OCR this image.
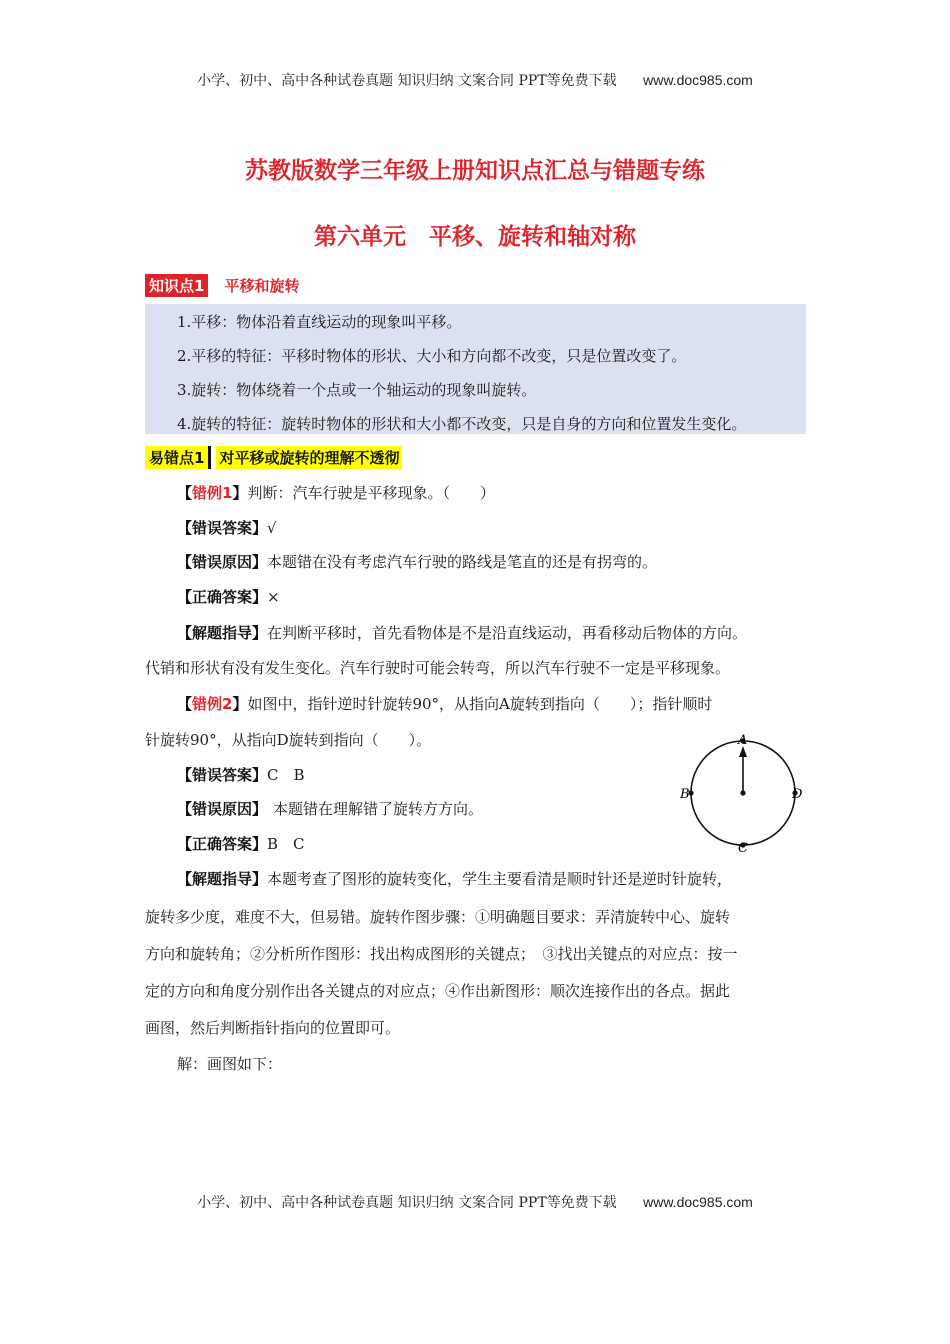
小学、初中、高中各种试卷真题 知识归纳 文案合同 PPT等免费下载 www.doc985.com
苏教版数学三年级上册知识点汇总与错题专练
第六单元　平移、旋转和轴对称
知识点1 平移和旋转

1.平移：物体沿着直线运动的现象叫平移。

2.平移的特征：平移时物体的形状、大小和方向都不改变，只是位置改变了。

3.旋转：物体绕着一个点或一个轴运动的现象叫旋转。

4.旋转的特征：旋转时物体的形状和大小都不改变，只是自身的方向和位置发生变化。

易错点1	对平移或旋转的理解不透彻
【错例1】判断：汽车行驶是平移现象。（　　）
【错误答案】√
【错误原因】本题错在没有考虑汽车行驶的路线是笔直的还是有拐弯的。
【正确答案】×
【解题指导】在判断平移时，首先看物体是不是沿直线运动，再看移动后物体的方向。
代销和形状有没有发生变化。汽车行驶时可能会转弯，所以汽车行驶不一定是平移现象。
【错例2】如图中，指针逆时针旋转90°，从指向A旋转到指向（　　）；指针顺时
针旋转90°，从指向D旋转到指向（　　）。
【错误答案】C　B
【错误原因】 本题错在理解错了旋转方方向。
【正确答案】B　C
【解题指导】本题考查了图形的旋转变化，学生主要看清是顺时针还是逆时针旋转，
旋转多少度，难度不大，但易错。旋转作图步骤：①明确题目要求：弄清旋转中心、旋转
方向和旋转角；②分析所作图形：找出构成图形的关键点；　③找出关键点的对应点：按一
定的方向和角度分别作出各关键点的对应点；④作出新图形：顺次连接作出的各点。据此
画图，然后判断指针指向的位置即可。
解：画图如下：
A
B
C
D
小学、初中、高中各种试卷真题 知识归纳 文案合同 PPT等免费下载 www.doc985.com
